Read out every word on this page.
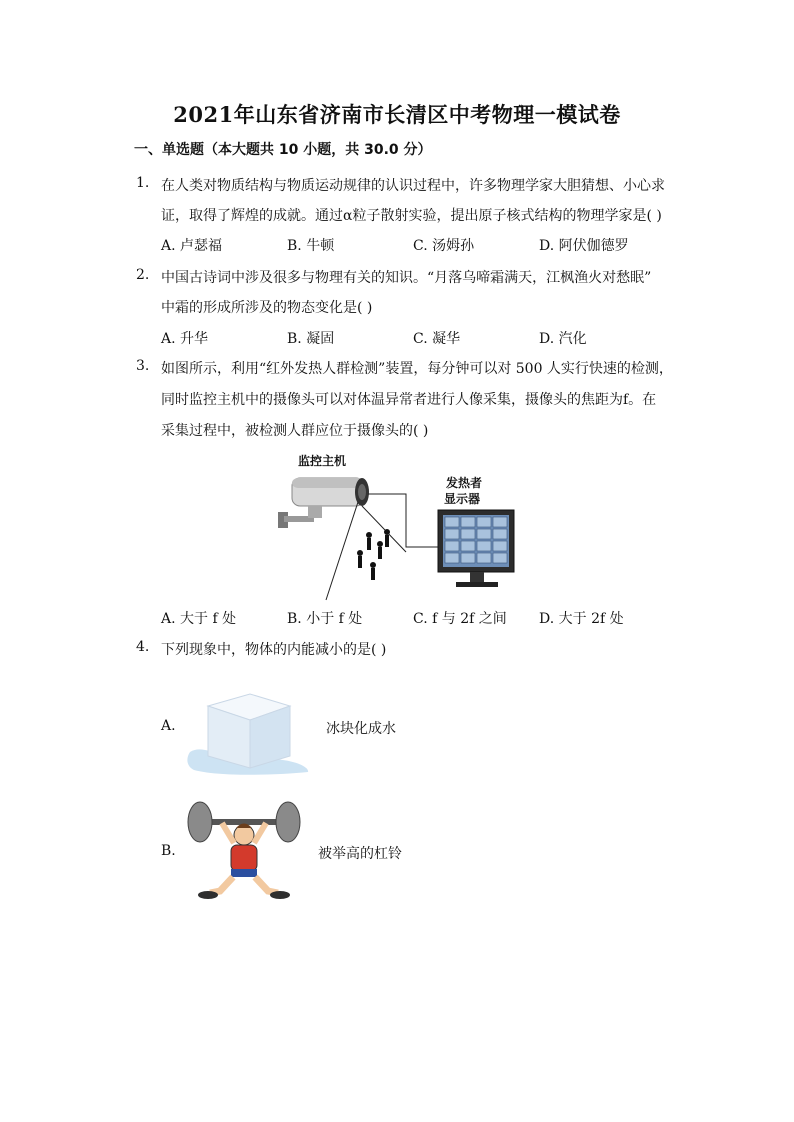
2021年山东省济南市长清区中考物理一模试卷
一、单选题（本大题共 10 小题，共 30.0 分）
1. 在人类对物质结构与物质运动规律的认识过程中，许多物理学家大胆猜想、小心求
证，取得了辉煌的成就。通过α粒子散射实验，提出原子核式结构的物理学家是( )
A. 卢瑟福	B. 牛顿	C. 汤姆孙	D. 阿伏伽德罗
2. 中国古诗词中涉及很多与物理有关的知识。“月落乌啼霜满天，江枫渔火对愁眠”
中霜的形成所涉及的物态变化是( )
A. 升华	B. 凝固	C. 凝华	D. 汽化
3. 如图所示，利用“红外发热人群检测”装置，每分钟可以对 500 人实行快速的检测，
同时监控主机中的摄像头可以对体温异常者进行人像采集，摄像头的焦距为f。在
采集过程中，被检测人群应位于摄像头的( )
监控主机
发热者
显示器
A. 大于 f 处	B. 小于 f 处	C. f 与 2f 之间 D. 大于 2f 处
4. 下列现象中，物体的内能减小的是( )
A.	冰块化成水
B.	被举高的杠铃
